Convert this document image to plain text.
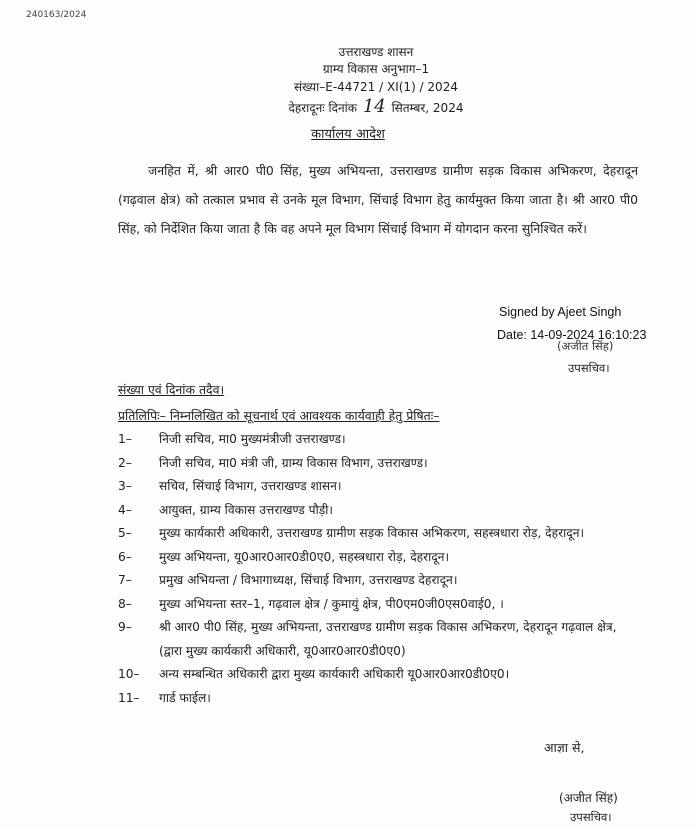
240163/2024
उत्तराखण्ड शासन
ग्राम्य विकास अनुभाग–1
संख्या–E-44721 / XI(1) / 2024
देहरादूनः दिनांक 14 सितम्बर, 2024
कार्यालय आदेश

जनहित में, श्री आर0 पी0 सिंह, मुख्य अभियन्ता, उत्तराखण्ड ग्रामीण सड़क विकास अभिकरण, देहरादून (गढ़वाल क्षेत्र) को तत्काल प्रभाव से उनके मूल विभाग, सिंचाई विभाग हेतु कार्यमुक्त किया जाता है। श्री आर0 पी0 सिंह, को निर्देशित किया जाता है कि वह अपने मूल विभाग सिंचाई विभाग में योगदान करना सुनिश्चित करें।

Signed by Ajeet Singh
Date: 14-09-2024 16:10:23
(अजीत सिंह)
उपसचिव।
संख्या एवं दिनांक तदैव।
प्रतिलिपिः– निम्नलिखित को सूचनार्थ एवं आवश्यक कार्यवाही हेतु प्रेषितः–
1– निजी सचिव, मा0 मुख्यमंत्रीजी उत्तराखण्ड।
2– निजी सचिव, मा0 मंत्री जी, ग्राम्य विकास विभाग, उत्तराखण्ड।
3– सचिव, सिंचाई विभाग, उत्तराखण्ड शासन।
4– आयुक्त, ग्राम्य विकास उत्तराखण्ड पौड़ी।
5– मुख्य कार्यकारी अधिकारी, उत्तराखण्ड ग्रामीण सड़क विकास अभिकरण, सहस्त्रधारा रोड़, देहरादून।
6– मुख्य अभियन्ता, यू0आर0आर0डी0ए0, सहस्त्रधारा रोड़, देहरादून।
7– प्रमुख अभियन्ता / विभागाध्यक्ष, सिंचाई विभाग, उत्तराखण्ड देहरादून।
8– मुख्य अभियन्ता स्तर–1, गढ़वाल क्षेत्र / कुमायुं क्षेत्र, पी0एम0जी0एस0वाई0, ।
9– श्री आर0 पी0 सिंह, मुख्य अभियन्ता, उत्तराखण्ड ग्रामीण सड़क विकास अभिकरण, देहरादून गढ़वाल क्षेत्र, (द्वारा मुख्य कार्यकारी अधिकारी, यू0आर0आर0डी0ए0)
10– अन्य सम्बन्धित अधिकारी द्वारा मुख्य कार्यकारी अधिकारी यू0आर0आर0डी0ए0।
11– गार्ड फाईल।
आज्ञा से,
(अजीत सिंह)
उपसचिव।
